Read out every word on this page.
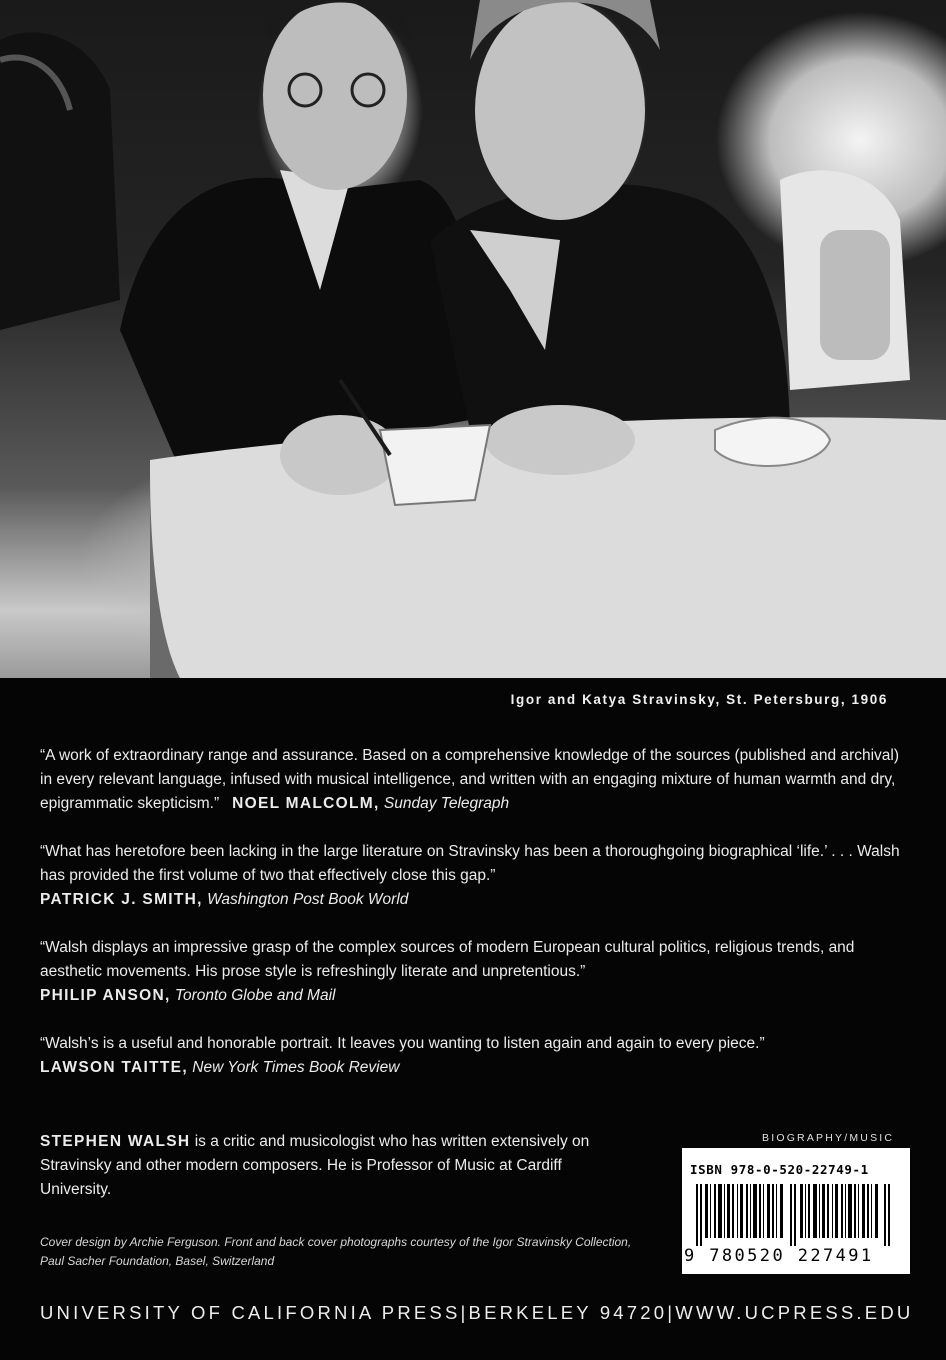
Igor and Katya Stravinsky, St. Petersburg, 1906

“A work of extraordinary range and assurance. Based on a comprehensive knowledge of the sources (published and archival) in every relevant language, infused with musical intelligence, and written with an engaging mixture of human warmth and dry, epigrammatic skepticism.” NOEL MALCOLM, Sunday Telegraph

“What has heretofore been lacking in the large literature on Stravinsky has been a thoroughgoing biographical ‘life.’ . . . Walsh has provided the first volume of two that effectively close this gap.”
PATRICK J. SMITH, Washington Post Book World

“Walsh displays an impressive grasp of the complex sources of modern European cultural politics, religious trends, and aesthetic movements. His prose style is refreshingly literate and unpretentious.”
PHILIP ANSON, Toronto Globe and Mail

“Walsh’s is a useful and honorable portrait. It leaves you wanting to listen again and again to every piece.”
LAWSON TAITTE, New York Times Book Review

STEPHEN WALSH is a critic and musicologist who has written extensively on Stravinsky and other modern composers. He is Professor of Music at Cardiff University.
Cover design by Archie Ferguson. Front and back cover photographs courtesy of the Igor Stravinsky Collection, Paul Sacher Foundation, Basel, Switzerland
BIOGRAPHY/MUSIC
ISBN 978-0-520-22749-1
9 780520 227491
UNIVERSITY OF CALIFORNIA PRESS | BERKELEY 94720 | WWW.UCPRESS.EDU
